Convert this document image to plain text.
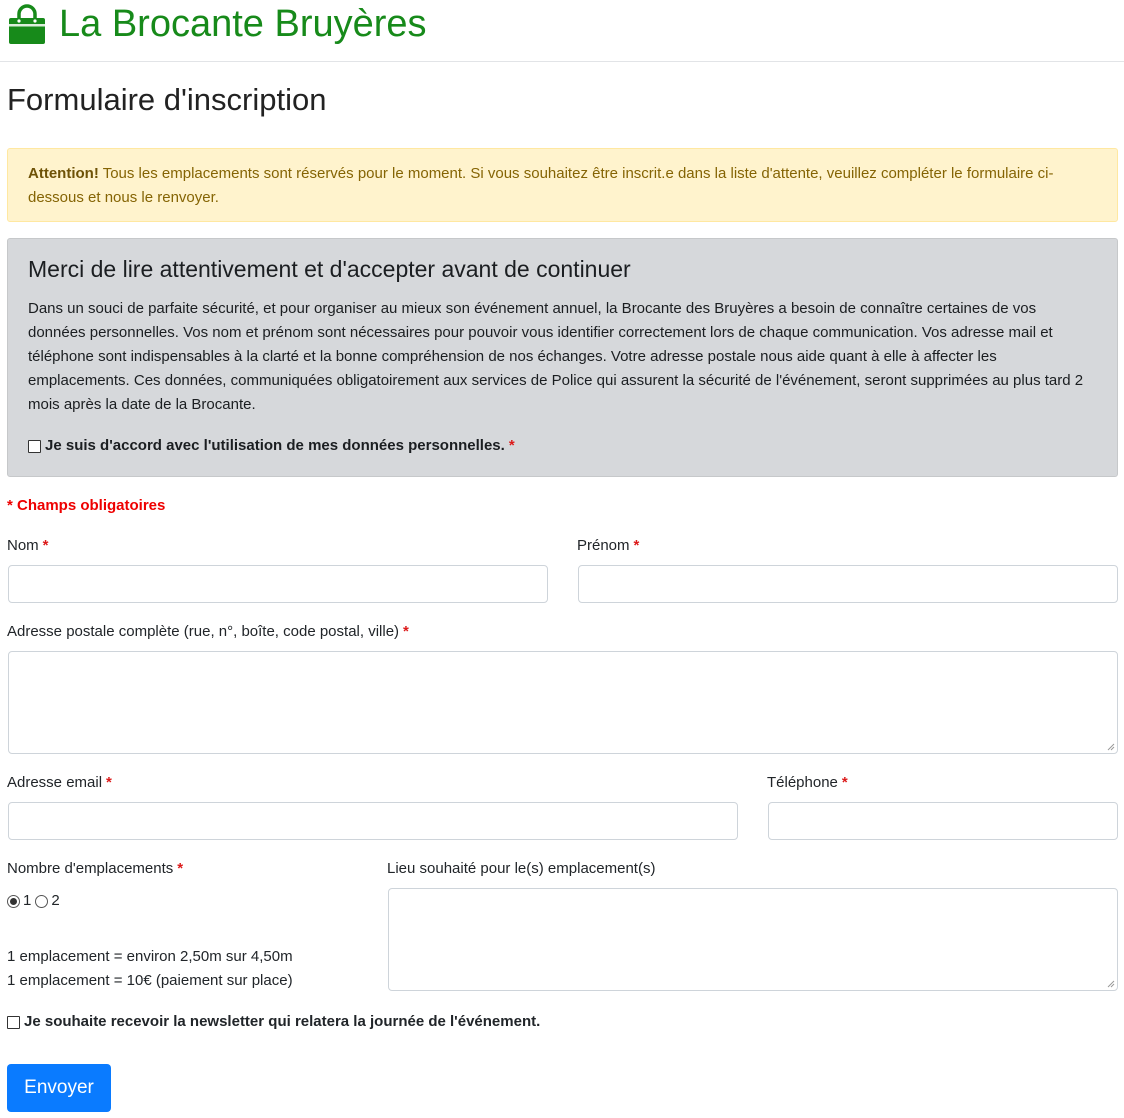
La Brocante Bruyères
Formulaire d'inscription
Attention! Tous les emplacements sont réservés pour le moment. Si vous souhaitez être inscrit.e dans la liste d'attente, veuillez compléter le formulaire ci-dessous et nous le renvoyer.
Merci de lire attentivement et d'accepter avant de continuer

Dans un souci de parfaite sécurité, et pour organiser au mieux son événement annuel, la Brocante des Bruyères a besoin de connaître certaines de vos données personnelles. Vos nom et prénom sont nécessaires pour pouvoir vous identifier correctement lors de chaque communication. Vos adresse mail et téléphone sont indispensables à la clarté et la bonne compréhension de nos échanges. Votre adresse postale nous aide quant à elle à affecter les emplacements. Ces données, communiquées obligatoirement aux services de Police qui assurent la sécurité de l'événement, seront supprimées au plus tard 2 mois après la date de la Brocante.

Je suis d'accord avec l'utilisation de mes données personnelles. *
* Champs obligatoires
Nom *	Prénom *
Adresse postale complète (rue, n°, boîte, code postal, ville) *
Adresse email *	Téléphone *
Nombre d'emplacements *
1 2
1 emplacement = environ 2,50m sur 4,50m
1 emplacement = 10€ (paiement sur place)
Lieu souhaité pour le(s) emplacement(s)
Je souhaite recevoir la newsletter qui relatera la journée de l'événement.
Envoyer
